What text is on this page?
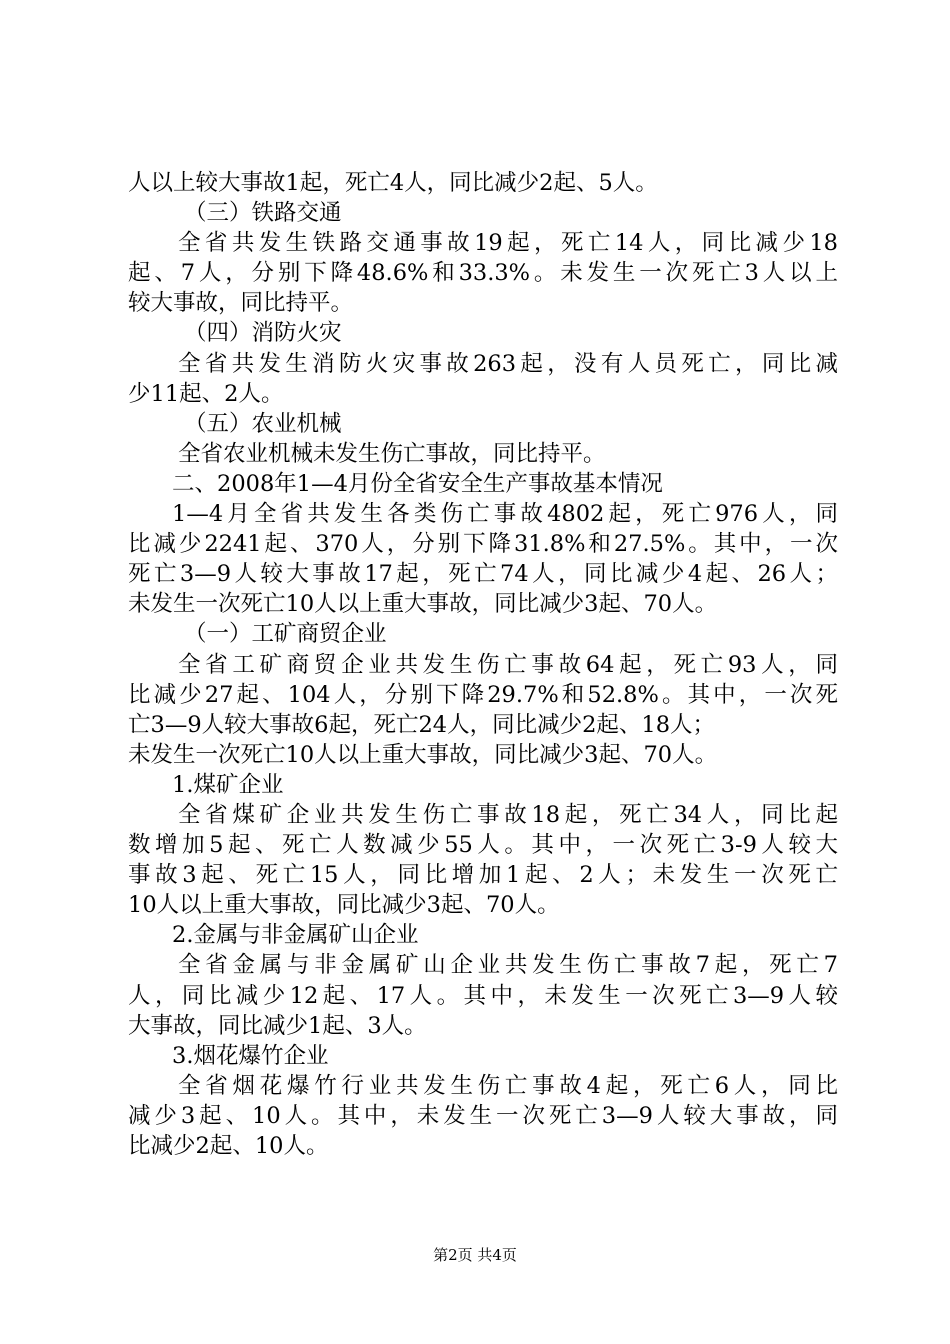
人以上较大事故1起，死亡4人，同比减少2起、5人。
（三）铁路交通
全省共发生铁路交通事故19起，死亡14人，同比减少18
起、7人，分别下降48.6%和33.3%。未发生一次死亡3人以上
较大事故，同比持平。
（四）消防火灾
全省共发生消防火灾事故263起，没有人员死亡，同比减
少11起、2人。
（五）农业机械
全省农业机械未发生伤亡事故，同比持平。
二、2008年1—4月份全省安全生产事故基本情况
1—4月全省共发生各类伤亡事故4802起，死亡976人，同
比减少2241起、370人，分别下降31.8%和27.5%。其中，一次
死亡3—9人较大事故17起，死亡74人，同比减少4起、26人；
未发生一次死亡10人以上重大事故，同比减少3起、70人。
（一）工矿商贸企业
全省工矿商贸企业共发生伤亡事故64起，死亡93人，同
比减少27起、104人，分别下降29.7%和52.8%。其中，一次死
亡3—9人较大事故6起，死亡24人，同比减少2起、18人；
未发生一次死亡10人以上重大事故，同比减少3起、70人。
1.煤矿企业
全省煤矿企业共发生伤亡事故18起，死亡34人，同比起
数增加5起、死亡人数减少55人。其中，一次死亡3-9人较大
事故3起、死亡15人，同比增加1起、2人；未发生一次死亡
10人以上重大事故，同比减少3起、70人。
2.金属与非金属矿山企业
全省金属与非金属矿山企业共发生伤亡事故7起，死亡7
人，同比减少12起、17人。其中，未发生一次死亡3—9人较
大事故，同比减少1起、3人。
3.烟花爆竹企业
全省烟花爆竹行业共发生伤亡事故4起，死亡6人，同比
减少3起、10人。其中，未发生一次死亡3—9人较大事故，同
比减少2起、10人。
第2页 共4页
